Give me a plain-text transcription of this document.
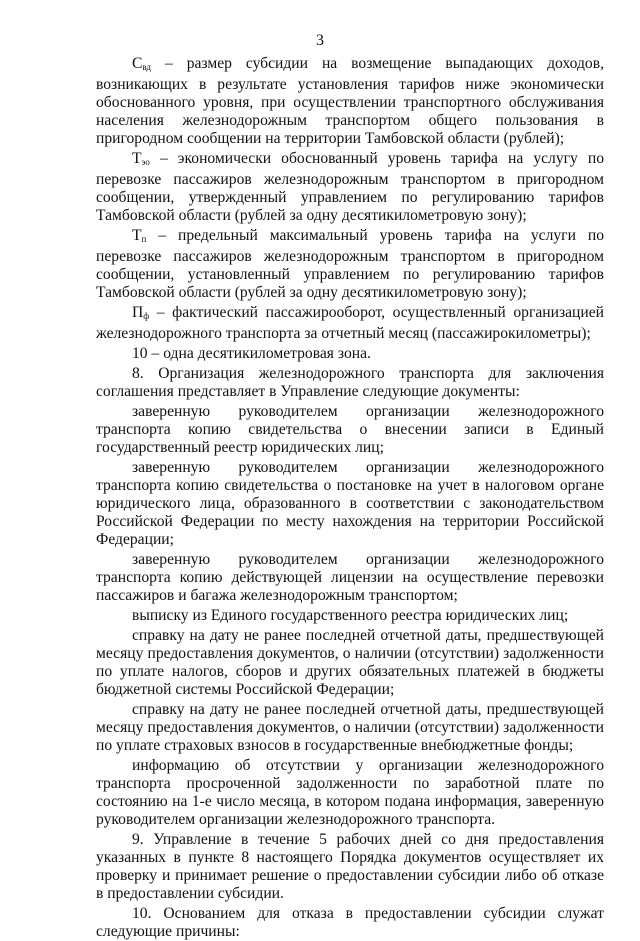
3

$С_{вд}$ – размер субсидии на возмещение выпадающих доходов, возникающих в результате установления тарифов ниже экономически обоснованного уровня, при осуществлении транспортного обслуживания населения железнодорожным транспортом общего пользования в пригородном сообщении на территории Тамбовской области (рублей);

$Т_{эо}$ – экономически обоснованный уровень тарифа на услугу по перевозке пассажиров железнодорожным транспортом в пригородном сообщении, утвержденный управлением по регулированию тарифов Тамбовской области (рублей за одну десятикилометровую зону);

$Т_п$ – предельный максимальный уровень тарифа на услуги по перевозке пассажиров железнодорожным транспортом в пригородном сообщении, установленный управлением по регулированию тарифов Тамбовской области (рублей за одну десятикилометровую зону);

$П_ф$ – фактический пассажирооборот, осуществленный организацией железнодорожного транспорта за отчетный месяц (пассажирокилометры);

10 – одна десятикилометровая зона.

8. Организация железнодорожного транспорта для заключения соглашения представляет в Управление следующие документы:

заверенную руководителем организации железнодорожного транспорта копию свидетельства о внесении записи в Единый государственный реестр юридических лиц;

заверенную руководителем организации железнодорожного транспорта копию свидетельства о постановке на учет в налоговом органе юридического лица, образованного в соответствии с законодательством Российской Федерации по месту нахождения на территории Российской Федерации;

заверенную руководителем организации железнодорожного транспорта копию действующей лицензии на осуществление перевозки пассажиров и багажа железнодорожным транспортом;

выписку из Единого государственного реестра юридических лиц;

справку на дату не ранее последней отчетной даты, предшествующей месяцу предоставления документов, о наличии (отсутствии) задолженности по уплате налогов, сборов и других обязательных платежей в бюджеты бюджетной системы Российской Федерации;

справку на дату не ранее последней отчетной даты, предшествующей месяцу предоставления документов, о наличии (отсутствии) задолженности по уплате страховых взносов в государственные внебюджетные фонды;

информацию об отсутствии у организации железнодорожного транспорта просроченной задолженности по заработной плате по состоянию на 1-е число месяца, в котором подана информация, заверенную руководителем организации железнодорожного транспорта.

9. Управление в течение 5 рабочих дней со дня предоставления указанных в пункте 8 настоящего Порядка документов осуществляет их проверку и принимает решение о предоставлении субсидии либо об отказе в предоставлении субсидии.

10. Основанием для отказа в предоставлении субсидии служат следующие причины:
